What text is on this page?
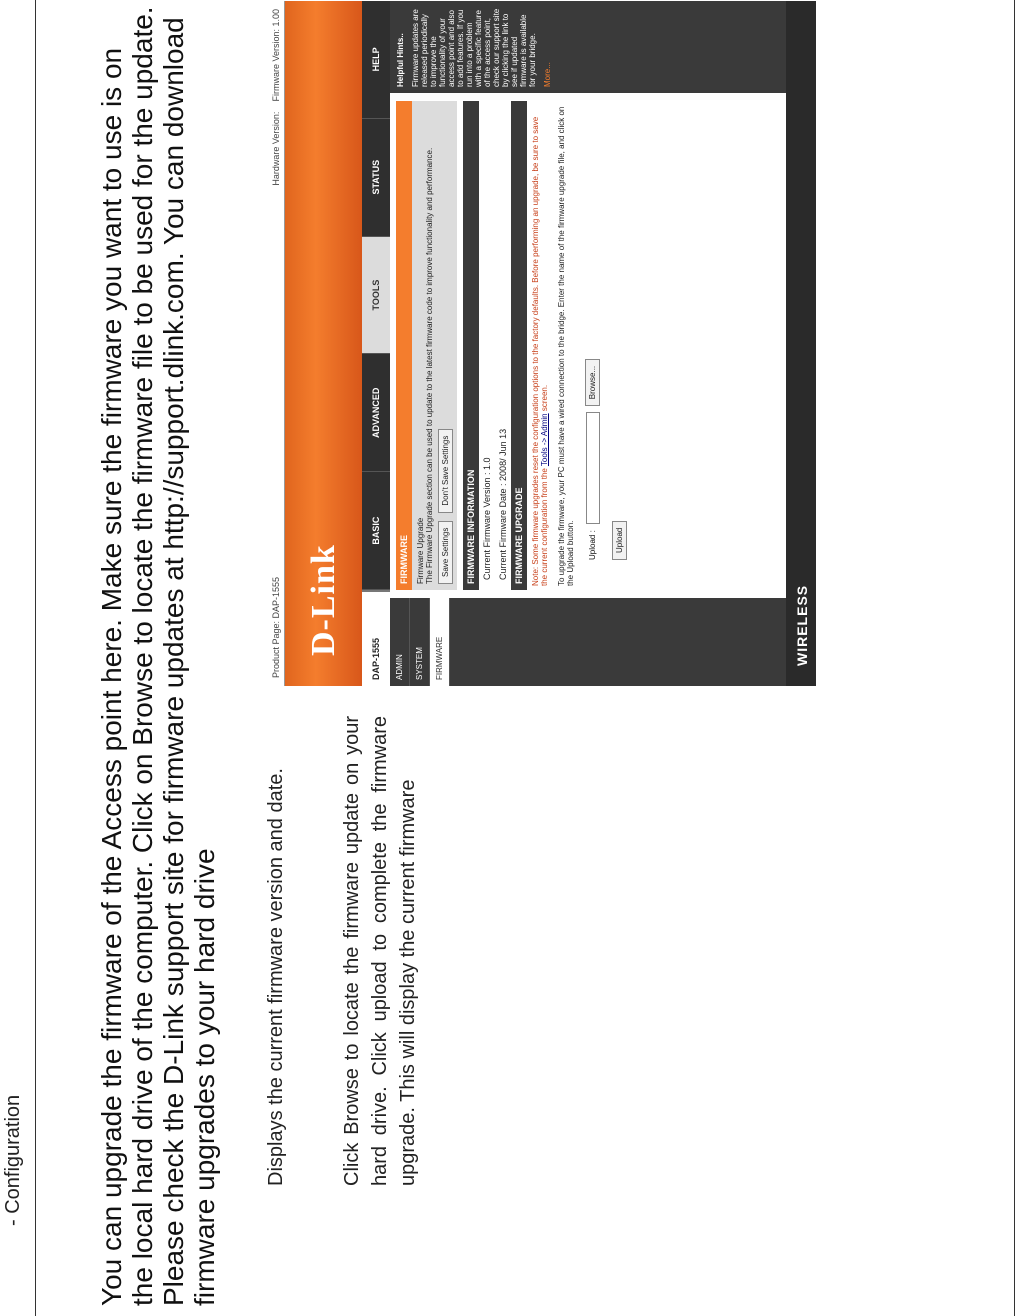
- Configuration	You can upgrade the firmware of the Access point here. Make sure the firmware you want to use is on the local hard drive of the computer. Click on Browse to locate the firmware file to be used for the update. Please check the D-Link support site for firmware updates at http://support.dlink.com. You can download firmware upgrades to your hard drive Displays the current firmware version and date.	Click Browse to locate the firmware update on your hard drive. Click upload to complete the firmware upgrade. This will display the current firmware

Product Page: DAP-1555
Hardware Version:    Firmware Version: 1.00
D-Link
DAP-1555
BASIC
ADVANCED
TOOLS
STATUS
HELP
ADMIN	SYSTEM	FIRMWARE
FIRMWARE Firmware Upgrade The Firmware Upgrade section can be used to update to the latest firmware code to improve functionality and performance. Save Settings
Don't Save Settings	FIRMWARE INFORMATION Current Firmware Version : 1.0
Current Firmware Date : 2008/ Jun 13
FIRMWARE UPGRADE Note: Some firmware upgrades reset the configuration options to the factory defaults. Before performing an upgrade, be sure to save the current configuration from the Tools -> Admin screen.	To upgrade the firmware, your PC must have a wired connection to the bridge. Enter the name of the firmware upgrade file, and click on the Upload button.	Upload :
Browse...
Upload
Helpful Hints.. Firmware updates are released periodically to improve the functionality of your access point and also to add features. If you run into a problem with a specific feature of the access point, check our support site by clicking the link to see if updated firmware is available for your bridge. More...
WIRELESS
